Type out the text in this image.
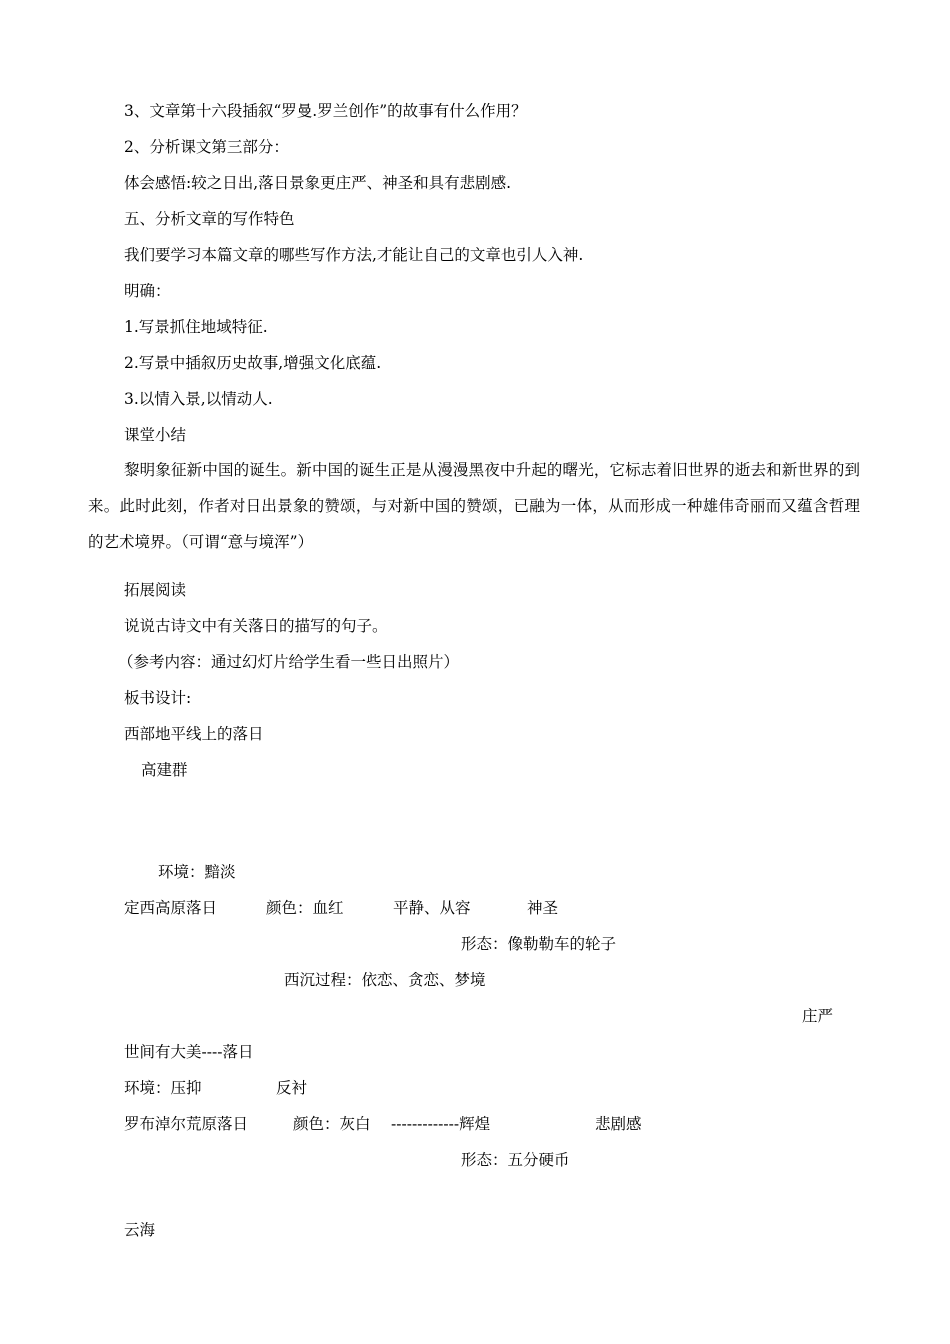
3、文章第十六段插叙“罗曼.罗兰创作”的故事有什么作用？
2、分析课文第三部分：
体会感悟:较之日出,落日景象更庄严、神圣和具有悲剧感.
五、分析文章的写作特色
我们要学习本篇文章的哪些写作方法,才能让自己的文章也引人入神.
明确：
1.写景抓住地域特征.
2.写景中插叙历史故事,增强文化底蕴.
3.以情入景,以情动人.
课堂小结
黎明象征新中国的诞生。新中国的诞生正是从漫漫黑夜中升起的曙光，它标志着旧世界的逝去和新世界的到来。此时此刻，作者对日出景象的赞颂，与对新中国的赞颂，已融为一体，从而形成一种雄伟奇丽而又蕴含哲理的艺术境界。（可谓“意与境浑”）
拓展阅读
说说古诗文中有关落日的描写的句子。
（参考内容：通过幻灯片给学生看一些日出照片）
板书设计:
西部地平线上的落日
高建群
环境：黯淡
定西高原落日	颜色：血红	平静、从容	神圣
形态：像勒勒车的轮子
西沉过程：依恋、贪恋、梦境
庄严
世间有大美----落日
环境：压抑	反衬
罗布淖尔荒原落日	颜色：灰白 -------------辉煌	悲剧感
形态：五分硬币
云海
